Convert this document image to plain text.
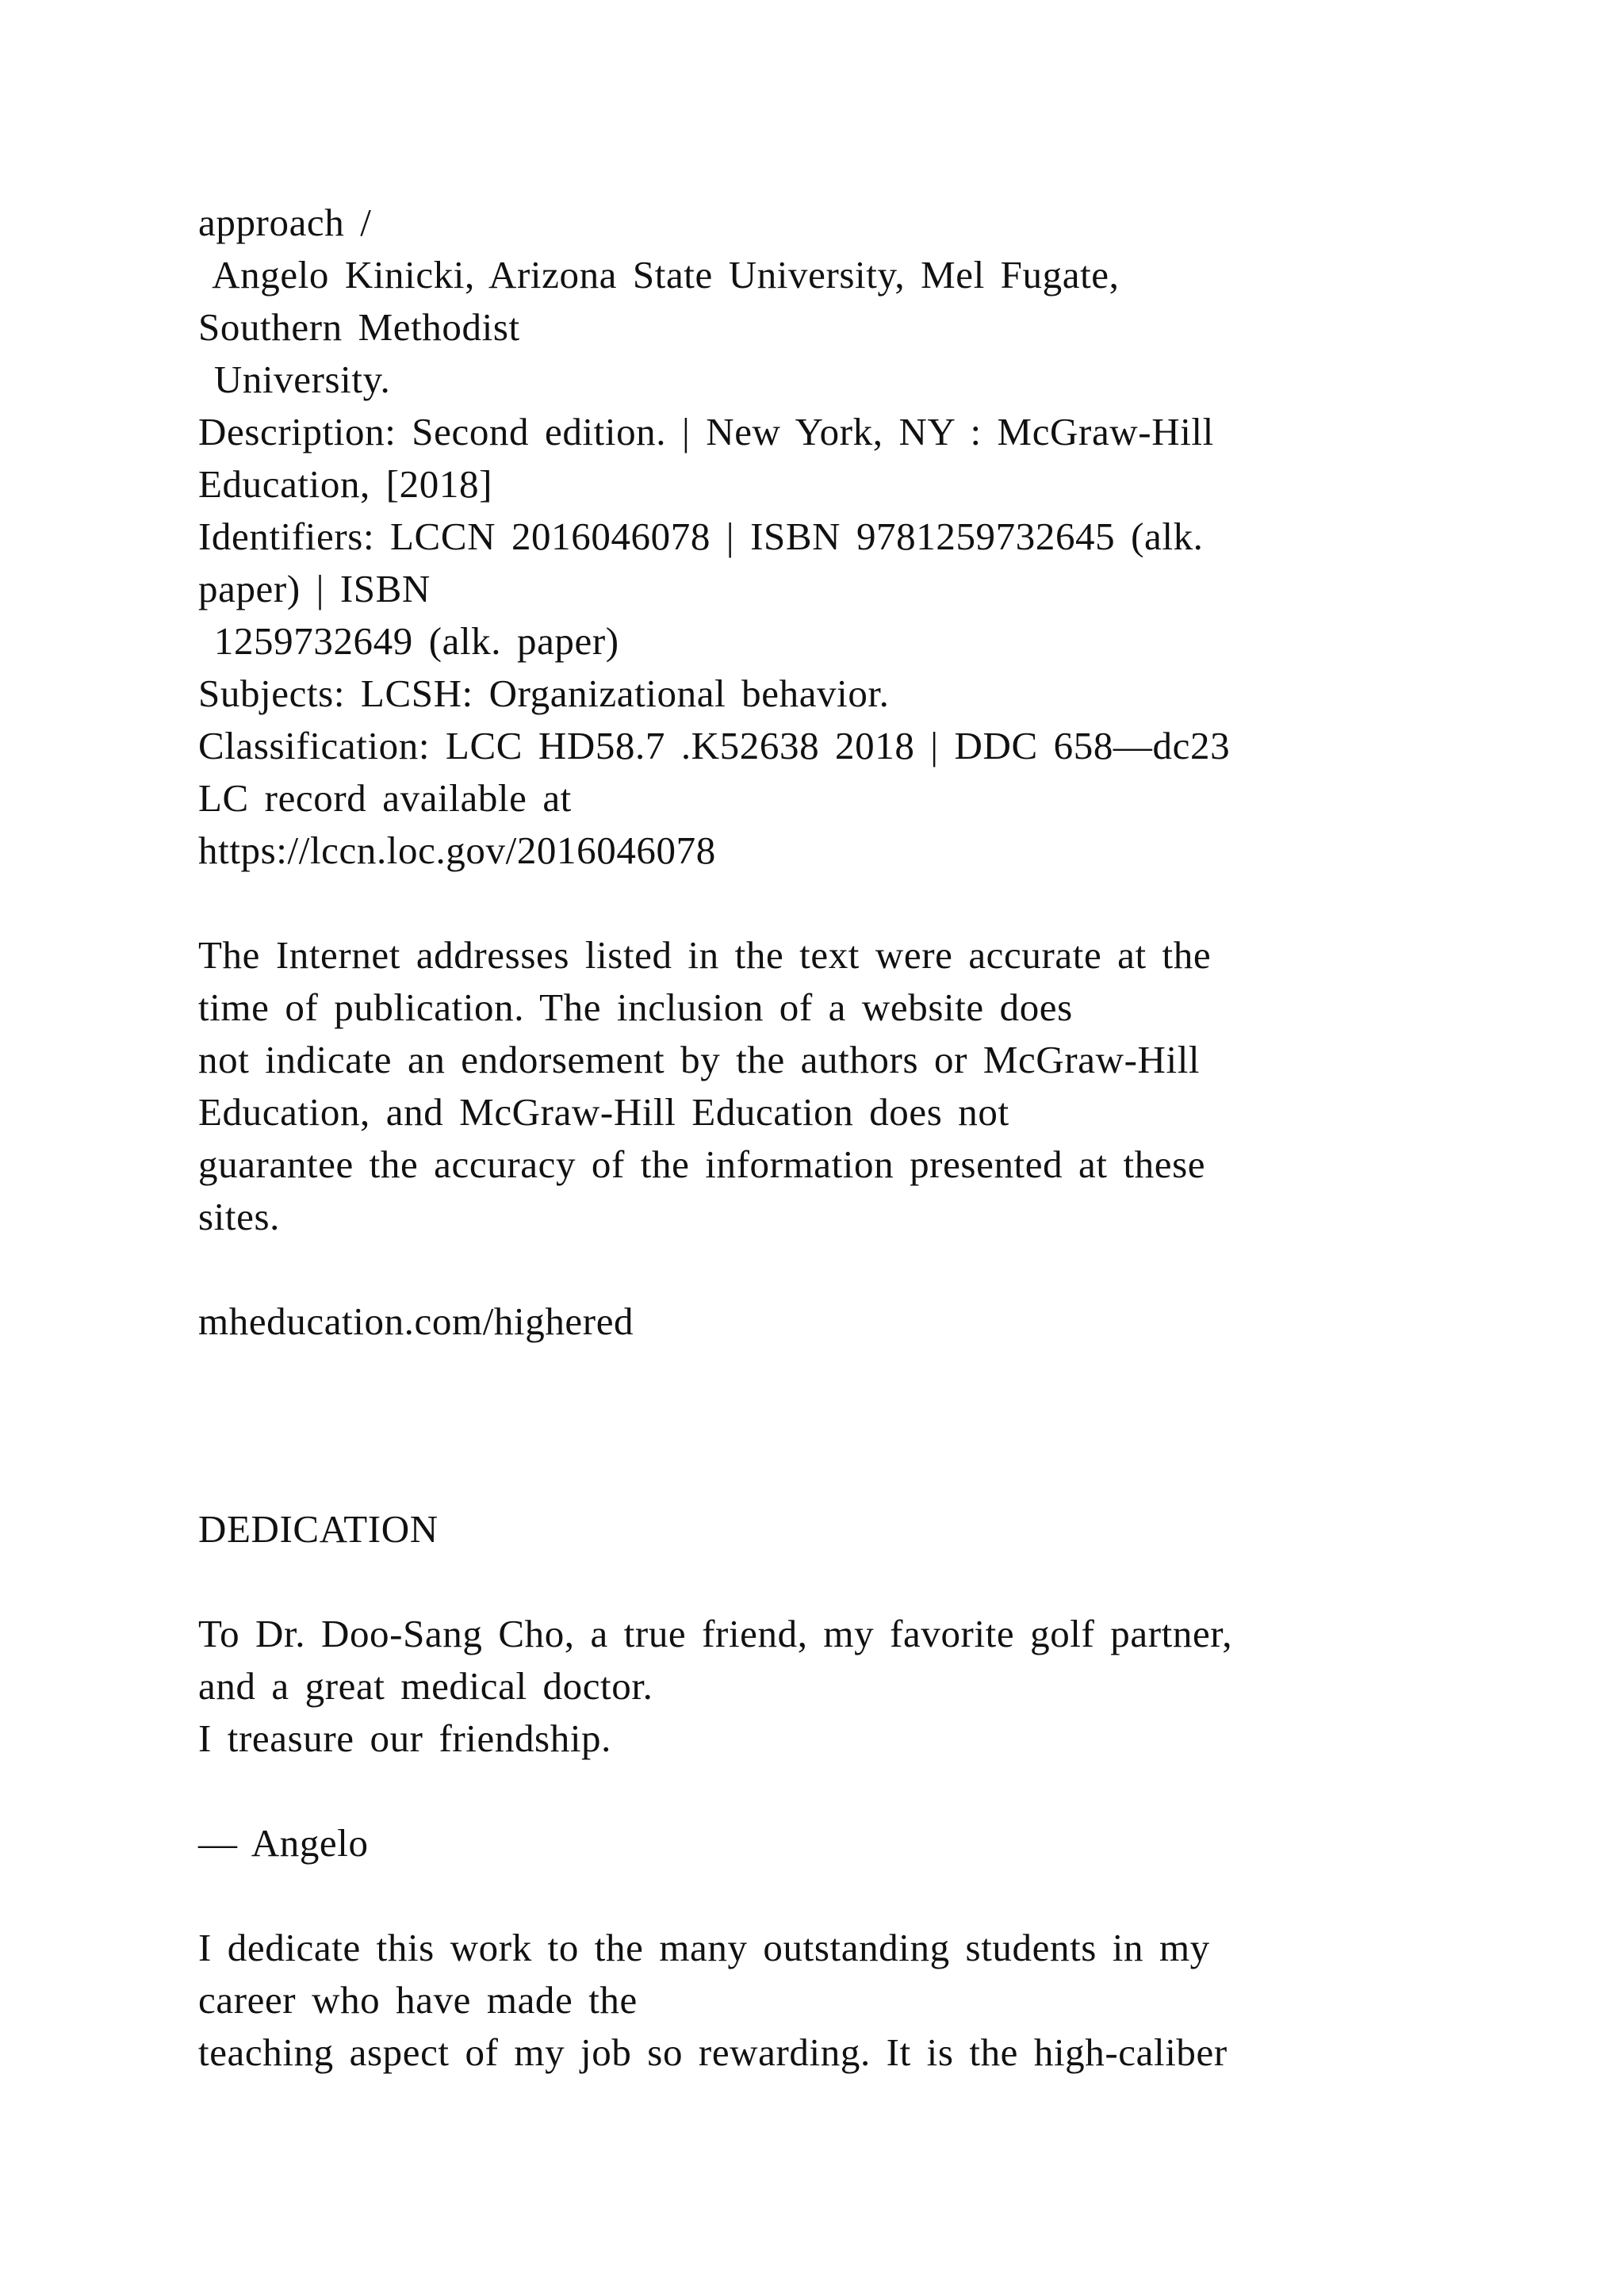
approach /
Angelo Kinicki, Arizona State University, Mel Fugate,
Southern Methodist
University.
Description: Second edition. | New York, NY : McGraw-Hill
Education, [2018]
Identifiers: LCCN 2016046078 | ISBN 9781259732645 (alk.
paper) | ISBN
1259732649 (alk. paper)
Subjects: LCSH: Organizational behavior.
Classification: LCC HD58.7 .K52638 2018 | DDC 658—dc23
LC record available at
https://lccn.loc.gov/2016046078
The Internet addresses listed in the text were accurate at the
time of publication. The inclusion of a website does
not indicate an endorsement by the authors or McGraw-Hill
Education, and McGraw-Hill Education does not
guarantee the accuracy of the information presented at these
sites.
mheducation.com/highered
DEDICATION
To Dr. Doo-Sang Cho, a true friend, my favorite golf partner,
and a great medical doctor.
I treasure our friendship.
— Angelo
I dedicate this work to the many outstanding students in my
career who have made the
teaching aspect of my job so rewarding. It is the high-caliber
